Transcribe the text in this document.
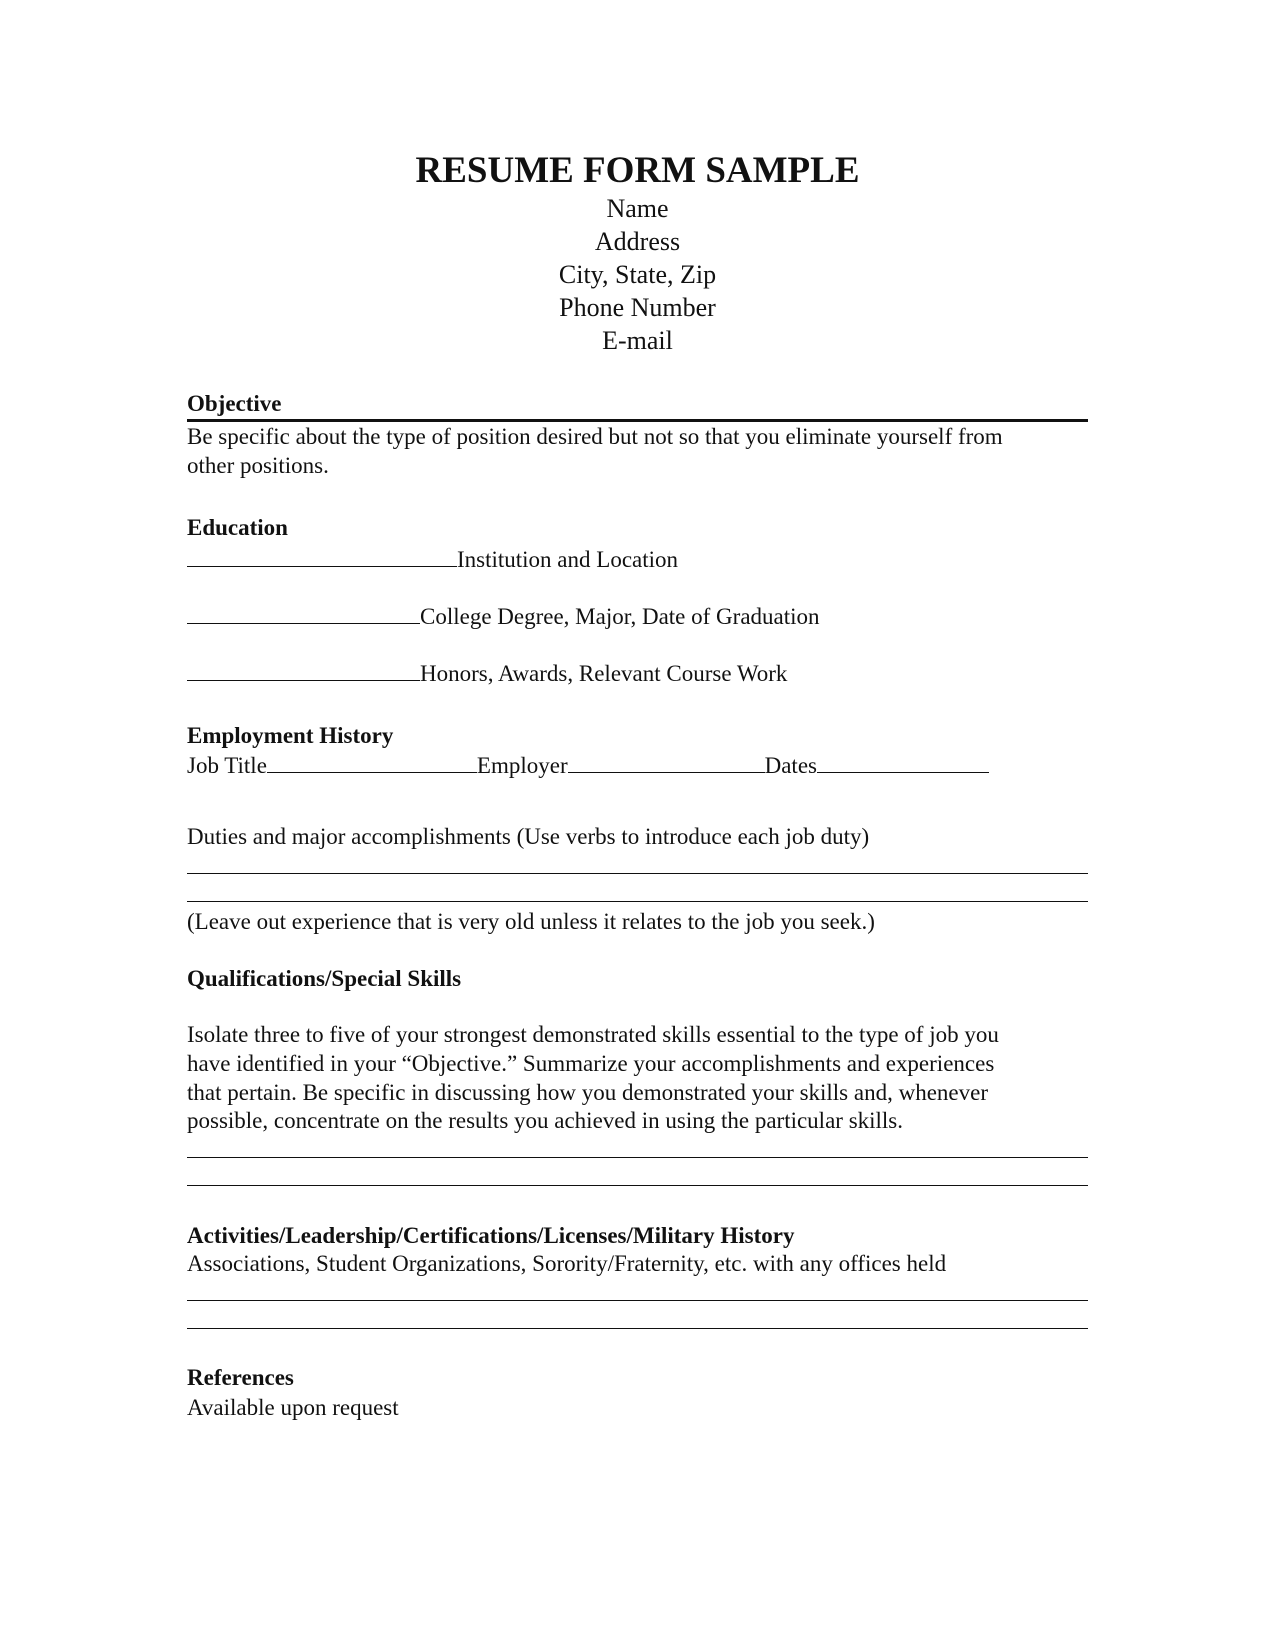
RESUME FORM SAMPLE
Name
Address
City, State, Zip
Phone Number
E-mail
Objective
Be specific about the type of position desired but not so that you eliminate yourself from
other positions.
Education
Institution and Location
College Degree, Major, Date of Graduation
Honors, Awards, Relevant Course Work
Employment History
Job Title	Employer	Dates
Duties and major accomplishments (Use verbs to introduce each job duty)
(Leave out experience that is very old unless it relates to the job you seek.)
Qualifications/Special Skills
Isolate three to five of your strongest demonstrated skills essential to the type of job you
have identified in your “Objective.” Summarize your accomplishments and experiences
that pertain. Be specific in discussing how you demonstrated your skills and, whenever
possible, concentrate on the results you achieved in using the particular skills.
Activities/Leadership/Certifications/Licenses/Military History
Associations, Student Organizations, Sorority/Fraternity, etc. with any offices held
References
Available upon request
